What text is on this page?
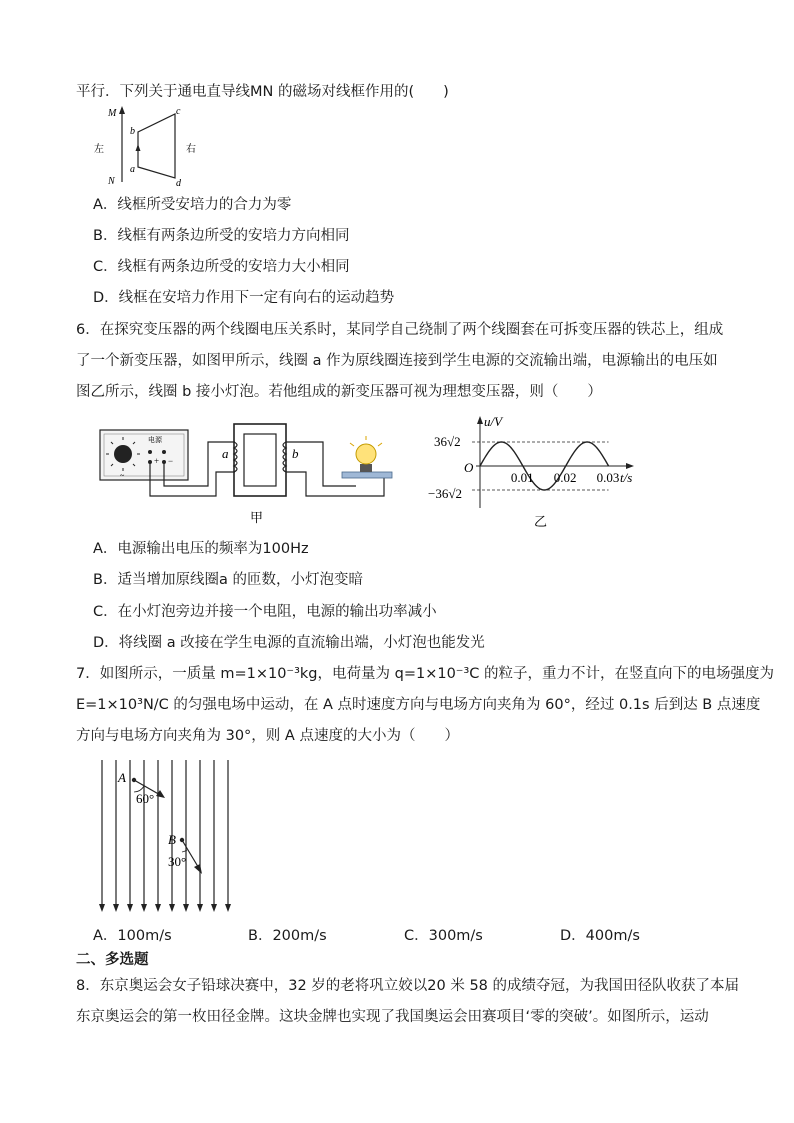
平行．下列关于通电直导线MN 的磁场对线框作用的(　　)
M
N
左	右
a
b
c
d
A．线框所受安培力的合力为零
B．线框有两条边所受的安培力方向相同
C．线框有两条边所受的安培力大小相同
D．线框在安培力作用下一定有向右的运动趋势
6．在探究变压器的两个线圈电压关系时，某同学自己绕制了两个线圈套在可拆变压器的铁芯上，组成
了一个新变压器，如图甲所示，线圈 a 作为原线圈连接到学生电源的交流输出端，电源输出的电压如
图乙所示，线圈 b 接小灯泡。若他组成的新变压器可视为理想变压器，则（　　）
电源
+ −
~
a	b
甲
u/V
t/s
O
36√2
−36√2
0.01 0.02 0.03
乙
A．电源输出电压的频率为100Hz
B．适当增加原线圈a 的匝数，小灯泡变暗
C．在小灯泡旁边并接一个电阻，电源的输出功率减小
D．将线圈 a 改接在学生电源的直流输出端，小灯泡也能发光
7．如图所示，一质量 m=1×10⁻³kg，电荷量为 q=1×10⁻³C 的粒子，重力不计，在竖直向下的电场强度为
E=1×10³N/C 的匀强电场中运动，在 A 点时速度方向与电场方向夹角为 60°，经过 0.1s 后到达 B 点速度
方向与电场方向夹角为 30°，则 A 点速度的大小为（　　）
A
60°
B
30°
A．100m/s	B．200m/s	C．300m/s	D．400m/s
二、多选题
8．东京奥运会女子铅球决赛中，32 岁的老将巩立姣以20 米 58 的成绩夺冠，为我国田径队收获了本届
东京奥运会的第一枚田径金牌。这块金牌也实现了我国奥运会田赛项目‘零的突破’。如图所示，运动
